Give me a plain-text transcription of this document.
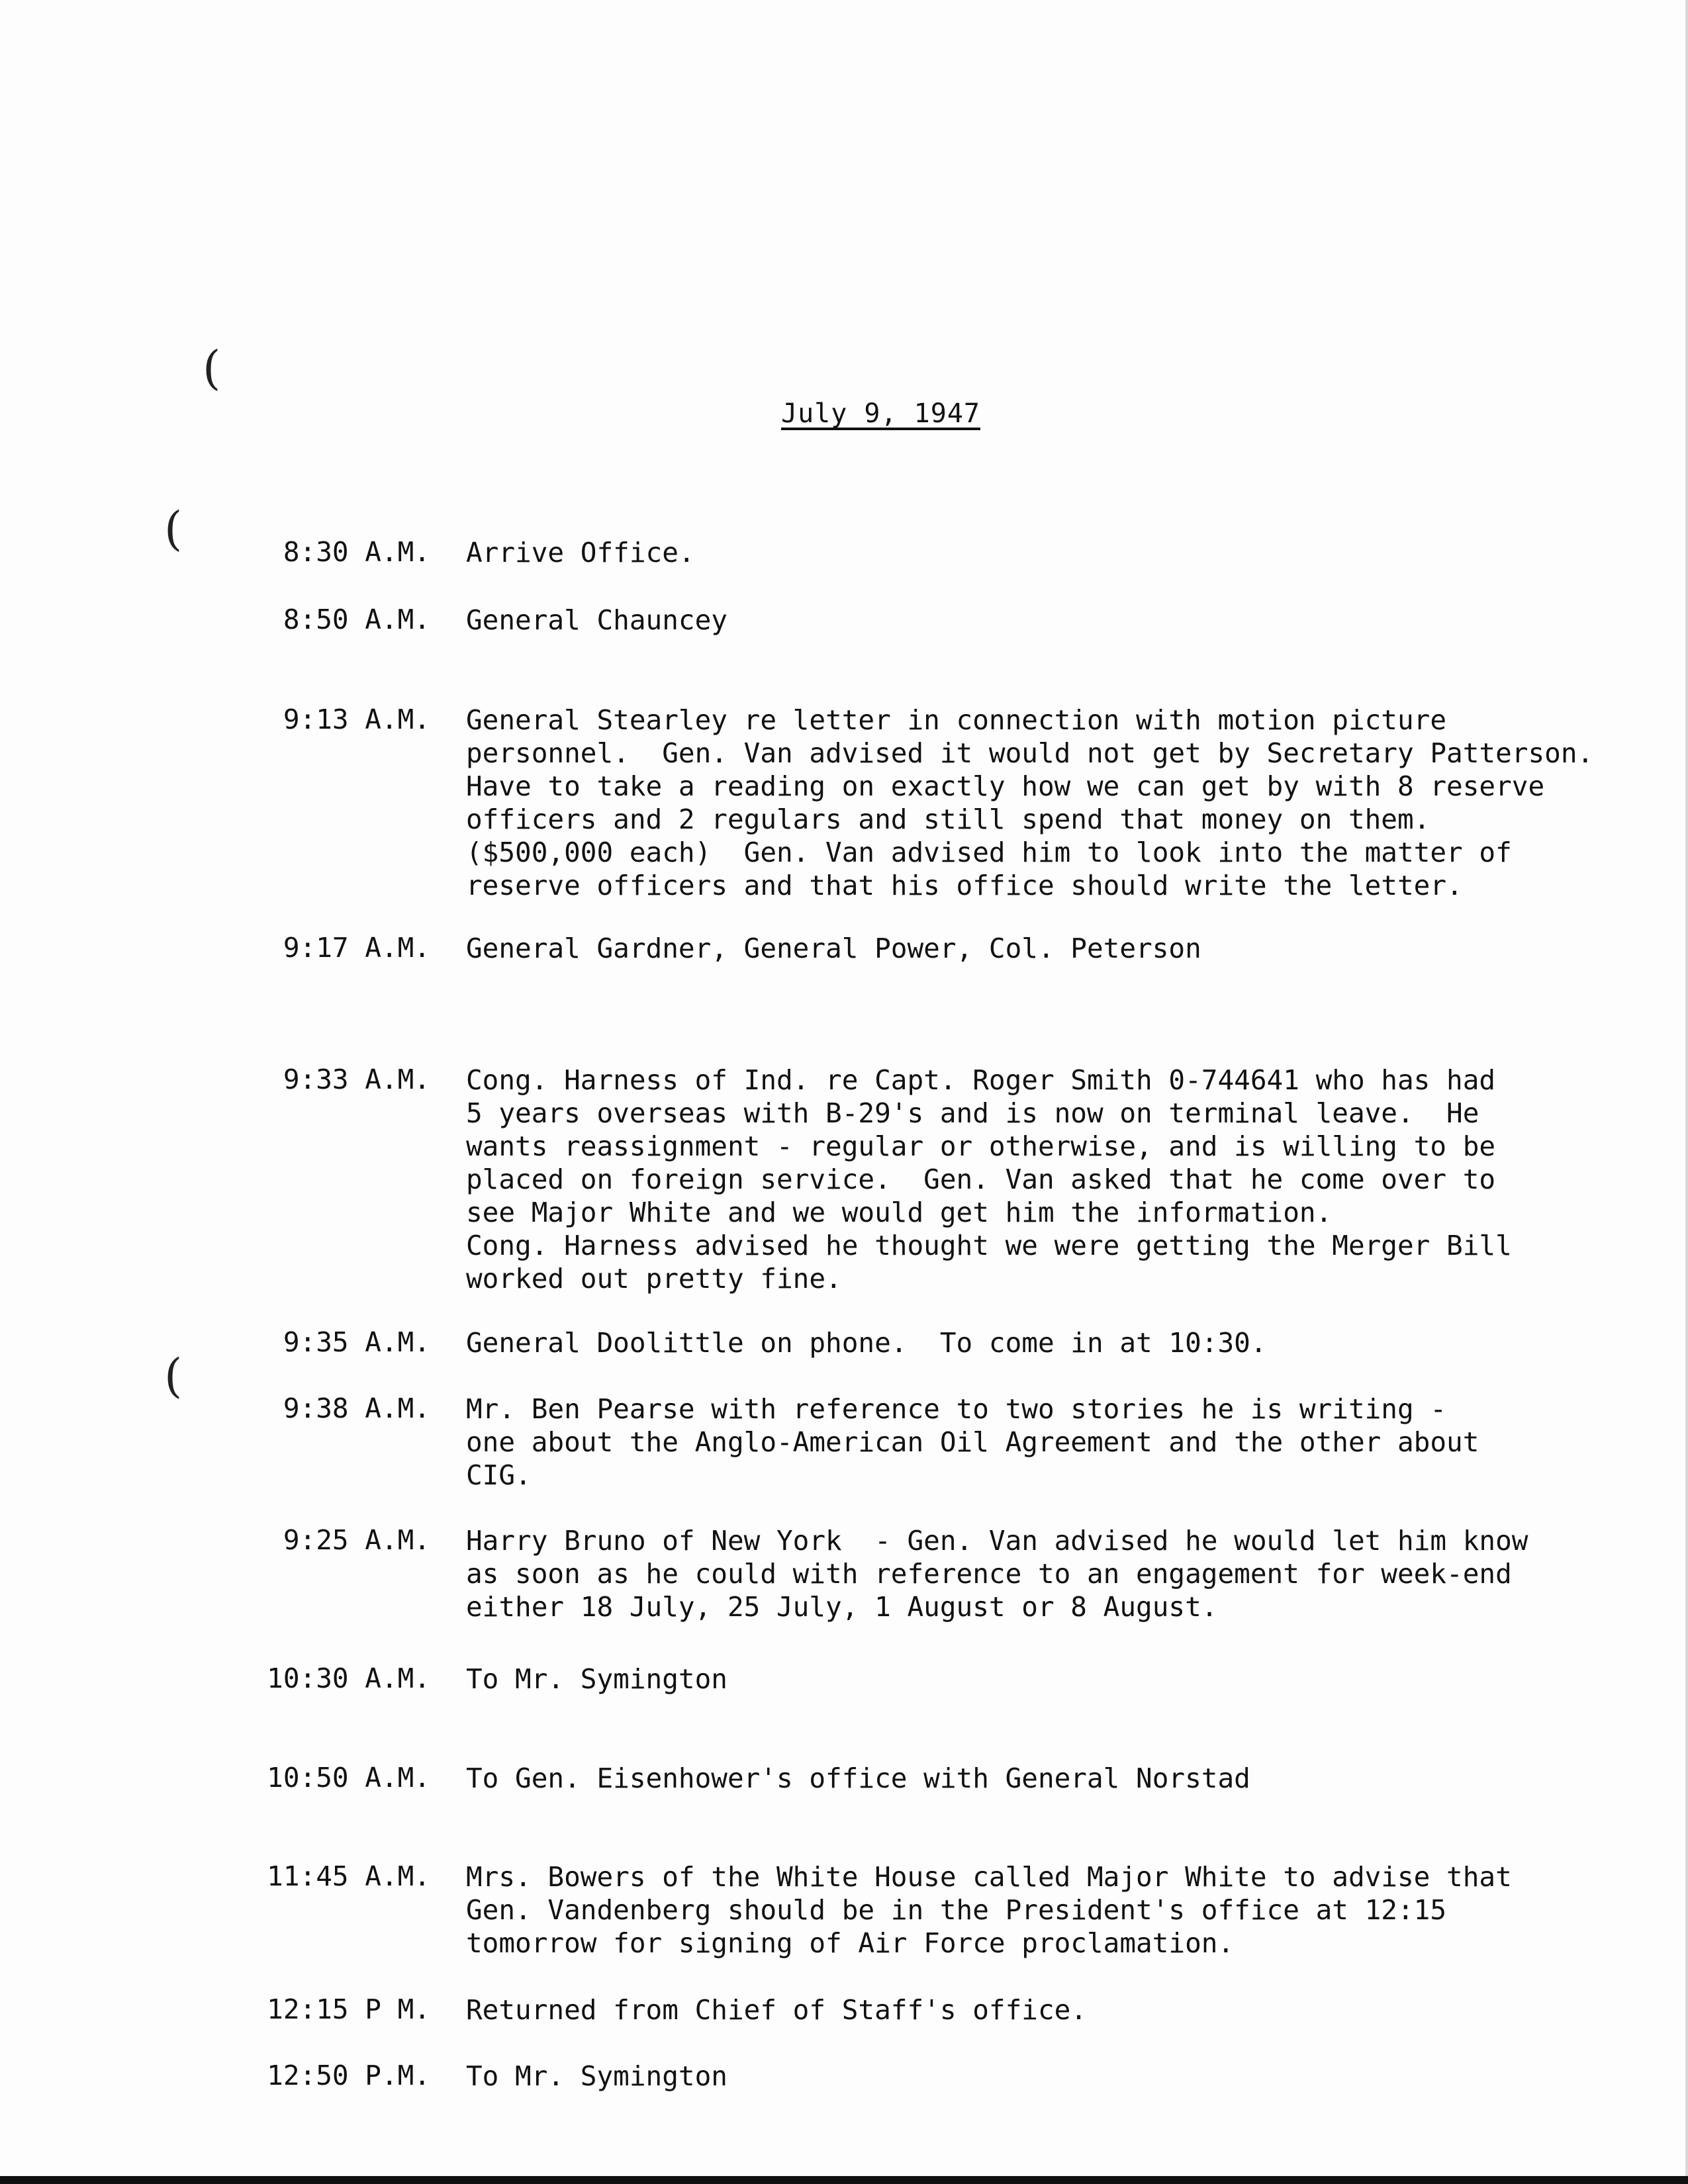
(
(
(
July 9, 1947
8:30 A.M. Arrive Office.
8:50 A.M. General Chauncey
9:13 A.M. General Stearley re letter in connection with motion picture
personnel.  Gen. Van advised it would not get by Secretary Patterson.
Have to take a reading on exactly how we can get by with 8 reserve
officers and 2 regulars and still spend that money on them.
($500,000 each)  Gen. Van advised him to look into the matter of
reserve officers and that his office should write the letter.
9:17 A.M. General Gardner, General Power, Col. Peterson
9:33 A.M. Cong. Harness of Ind. re Capt. Roger Smith 0-744641 who has had
5 years overseas with B-29's and is now on terminal leave.  He
wants reassignment - regular or otherwise, and is willing to be
placed on foreign service.  Gen. Van asked that he come over to
see Major White and we would get him the information.
Cong. Harness advised he thought we were getting the Merger Bill
worked out pretty fine.
9:35 A.M. General Doolittle on phone.  To come in at 10:30.
9:38 A.M. Mr. Ben Pearse with reference to two stories he is writing -
one about the Anglo-American Oil Agreement and the other about
CIG.
9:25 A.M. Harry Bruno of New York  - Gen. Van advised he would let him know
as soon as he could with reference to an engagement for week-end
either 18 July, 25 July, 1 August or 8 August.
10:30 A.M. To Mr. Symington
10:50 A.M. To Gen. Eisenhower's office with General Norstad
11:45 A.M. Mrs. Bowers of the White House called Major White to advise that
Gen. Vandenberg should be in the President's office at 12:15
tomorrow for signing of Air Force proclamation.
12:15 P M. Returned from Chief of Staff's office.
12:50 P.M. To Mr. Symington
